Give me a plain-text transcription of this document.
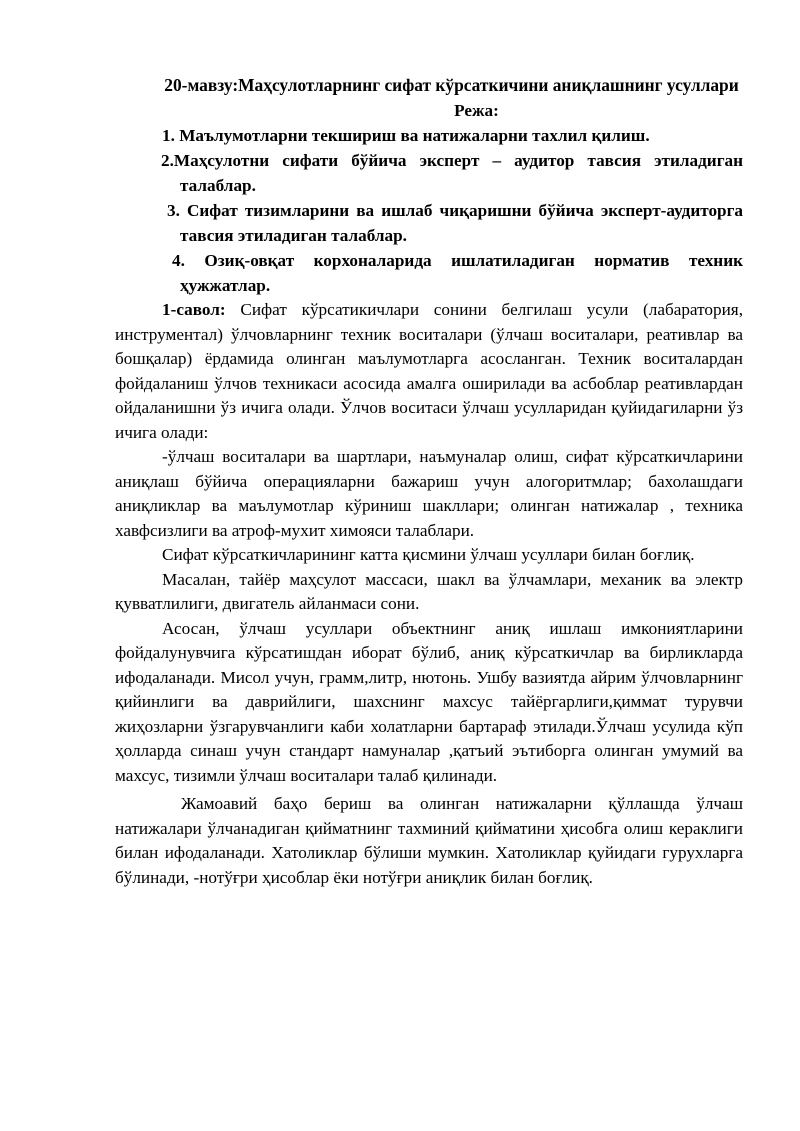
20-мавзу:Маҳсулотларнинг сифат кўрсаткичини аниқлашнинг усуллари

Режа:

1. Маълумотларни текшириш ва натижаларни тахлил қилиш.

2.Маҳсулотни сифати бўйича эксперт – аудитор тавсия этиладиган талаблар.

3. Сифат тизимларини ва ишлаб чиқаришни бўйича эксперт-аудиторга тавсия этиладиган талаблар.

4. Озиқ-овқат корхоналарида ишлатиладиган норматив техник ҳужжатлар.

1-савол: Сифат кўрсатикичлари сонини белгилаш усули (лабаратория, инструментал) ўлчовларнинг техник воситалари (ўлчаш воситалари, реативлар ва бошқалар) ёрдамида олинган маълумотларга асосланган. Техник воситалардан фойдаланиш ўлчов техникаси асосида амалга оширилади ва асбоблар реативлардан ойдаланишни ўз ичига олади. Ўлчов воситаси ўлчаш усулларидан қуйидагиларни ўз ичига олади:

-ўлчаш воситалари ва шартлари, наъмуналар олиш, сифат кўрсаткичларини аниқлаш бўйича операцияларни бажариш учун алогоритмлар; бахолашдаги аниқликлар ва маълумотлар кўриниш шакллари; олинган натижалар , техника хавфсизлиги ва атроф-мухит химояси талаблари.

Сифат кўрсаткичларининг катта қисмини ўлчаш усуллари билан боғлиқ.

Масалан, тайёр маҳсулот массаси, шакл ва ўлчамлари, механик ва электр қувватлилиги, двигатель айланмаси сони.

Асосан, ўлчаш усуллари объектнинг аниқ ишлаш имкониятларини фойдалунувчига кўрсатишдан иборат бўлиб, аниқ кўрсаткичлар ва бирликларда ифодаланади. Мисол учун, грамм,литр, нютонь. Ушбу вазиятда айрим ўлчовларнинг қийинлиги ва даврийлиги, шахснинг махсус тайёргарлиги,қиммат турувчи жиҳозларни ўзгарувчанлиги каби холатларни бартараф этилади.Ўлчаш усулида кўп ҳолларда синаш учун стандарт намуналар ,қатъий эътиборга олинган умумий ва махсус, тизимли ўлчаш воситалари талаб қилинади.

Жамоавий баҳо бериш ва олинган натижаларни қўллашда ўлчаш натижалари ўлчанадиган қийматнинг тахминий қийматини ҳисобга олиш кераклиги билан ифодаланади. Хатоликлар бўлиши мумкин. Хатоликлар қуйидаги гурухларга бўлинади, -нотўғри ҳисоблар ёки нотўғри аниқлик билан боғлиқ.
